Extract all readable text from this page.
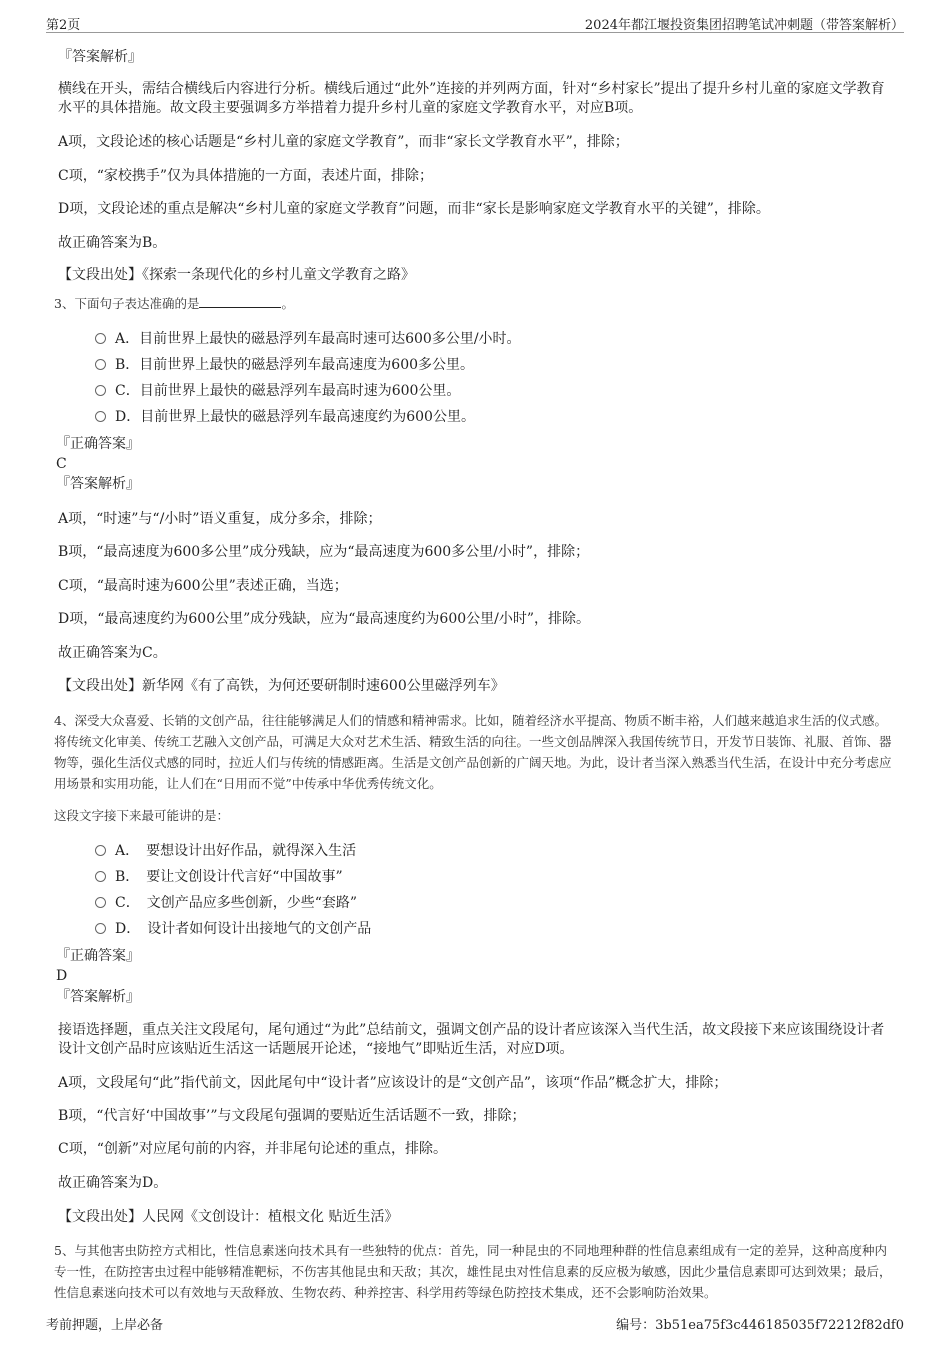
第2页	2024年都江堰投资集团招聘笔试冲刺题（带答案解析）
『答案解析』
横线在开头，需结合横线后内容进行分析。横线后通过“此外”连接的并列两方面，针对“乡村家长”提出了提升乡村儿童的家庭文学教育水平的具体措施。故文段主要强调多方举措着力提升乡村儿童的家庭文学教育水平，对应B项。
A项，文段论述的核心话题是“乡村儿童的家庭文学教育”，而非“家长文学教育水平”，排除；
C项，“家校携手”仅为具体措施的一方面，表述片面，排除；
D项，文段论述的重点是解决“乡村儿童的家庭文学教育”问题，而非“家长是影响家庭文学教育水平的关键”，排除。
故正确答案为B。
【文段出处】《探索一条现代化的乡村儿童文学教育之路》
3、下面句子表达准确的是	。
A．目前世界上最快的磁悬浮列车最高时速可达600多公里/小时。
B．目前世界上最快的磁悬浮列车最高速度为600多公里。
C．目前世界上最快的磁悬浮列车最高时速为600公里。
D．目前世界上最快的磁悬浮列车最高速度约为600公里。
『正确答案』
C
『答案解析』
A项，“时速”与“/小时”语义重复，成分多余，排除；
B项，“最高速度为600多公里”成分残缺，应为“最高速度为600多公里/小时”，排除；
C项，“最高时速为600公里”表述正确，当选；
D项，“最高速度约为600公里”成分残缺，应为“最高速度约为600公里/小时”，排除。
故正确答案为C。
【文段出处】新华网《有了高铁，为何还要研制时速600公里磁浮列车》
4、深受大众喜爱、长销的文创产品，往往能够满足人们的情感和精神需求。比如，随着经济水平提高、物质不断丰裕，人们越来越追求生活的仪式感。将传统文化审美、传统工艺融入文创产品，可满足大众对艺术生活、精致生活的向往。一些文创品牌深入我国传统节日，开发节日装饰、礼服、首饰、器物等，强化生活仪式感的同时，拉近人们与传统的情感距离。生活是文创产品创新的广阔天地。为此，设计者当深入熟悉当代生活，在设计中充分考虑应用场景和实用功能，让人们在“日用而不觉”中传承中华优秀传统文化。
这段文字接下来最可能讲的是：
A．　要想设计出好作品，就得深入生活
B．　要让文创设计代言好“中国故事”
C．　文创产品应多些创新，少些“套路”
D．　设计者如何设计出接地气的文创产品
『正确答案』
D
『答案解析』
接语选择题，重点关注文段尾句，尾句通过“为此”总结前文，强调文创产品的设计者应该深入当代生活，故文段接下来应该围绕设计者设计文创产品时应该贴近生活这一话题展开论述，“接地气”即贴近生活，对应D项。
A项，文段尾句“此”指代前文，因此尾句中“设计者”应该设计的是“文创产品”，该项“作品”概念扩大，排除；
B项，“代言好‘中国故事’”与文段尾句强调的要贴近生活话题不一致，排除；
C项，“创新”对应尾句前的内容，并非尾句论述的重点，排除。
故正确答案为D。
【文段出处】人民网《文创设计：植根文化 贴近生活》
5、与其他害虫防控方式相比，性信息素迷向技术具有一些独特的优点：首先，同一种昆虫的不同地理种群的性信息素组成有一定的差异，这种高度种内专一性，在防控害虫过程中能够精准靶标，不伤害其他昆虫和天敌；其次，雄性昆虫对性信息素的反应极为敏感，因此少量信息素即可达到效果；最后，性信息素迷向技术可以有效地与天敌释放、生物农药、种养控害、科学用药等绿色防控技术集成，还不会影响防治效果。
考前押题，上岸必备	编号：3b51ea75f3c446185035f72212f82df0
